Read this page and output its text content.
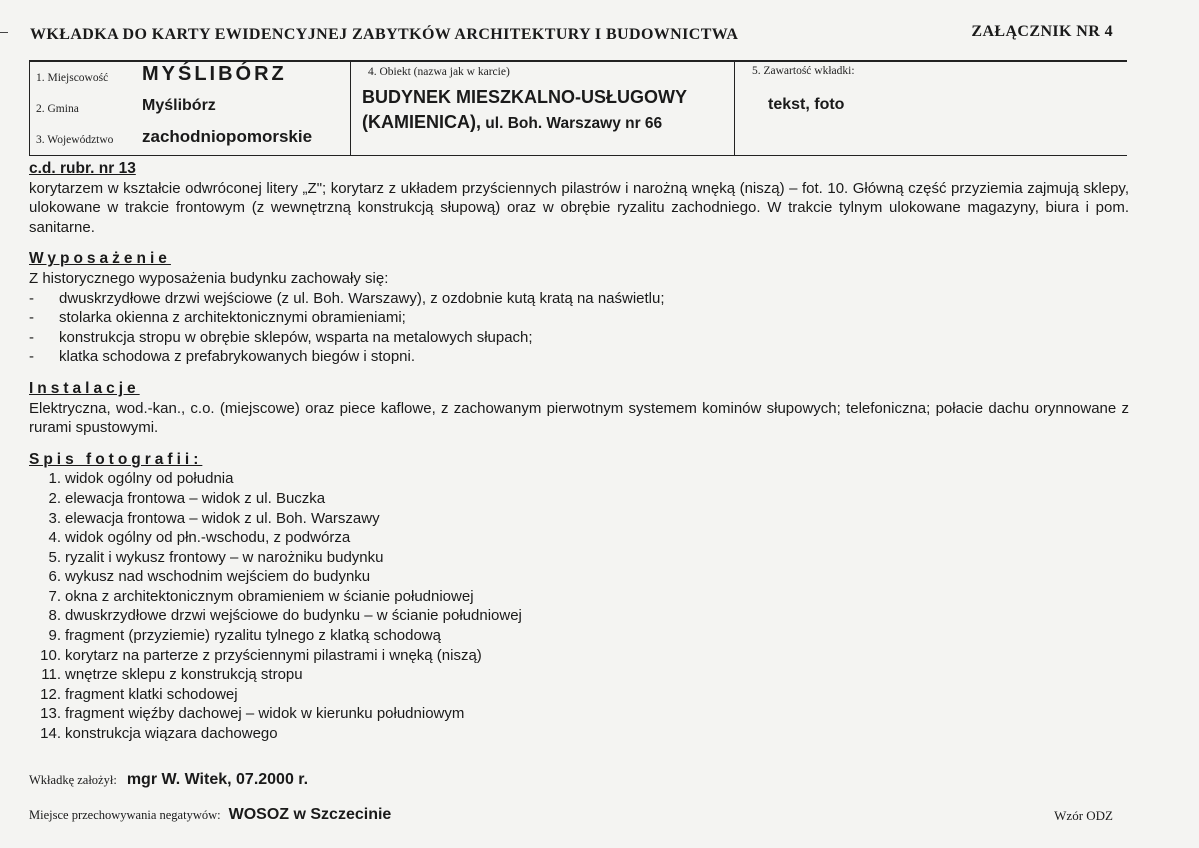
WKŁADKA DO KARTY EWIDENCYJNEJ ZABYTKÓW ARCHITEKTURY I BUDOWNICTWA	ZAŁĄCZNIK NR 4
1. Miejscowość MYŚLIBÓRZ
2. Gmina	Myślibórz
3. Województwo zachodniopomorskie
4. Obiekt (nazwa jak w karcie)
BUDYNEK MIESZKALNO-USŁUGOWY
(KAMIENICA), ul. Boh. Warszawy nr 66
5. Zawartość wkładki:
tekst, foto
c.d. rubr. nr 13

korytarzem w kształcie odwróconej litery „Z"; korytarz z układem przyściennych pilastrów i narożną wnęką (niszą) – fot. 10. Główną część przyziemia zajmują sklepy, ulokowane w trakcie frontowym (z wewnętrzną konstrukcją słupową) oraz w obrębie ryzalitu zachodniego. W trakcie tylnym ulokowane magazyny, biura i pom. sanitarne.

Wyposażenie

Z historycznego wyposażenia budynku zachowały się:

- dwuskrzydłowe drzwi wejściowe (z ul. Boh. Warszawy), z ozdobnie kutą kratą na naświetlu;
- stolarka okienna z architektonicznymi obramieniami;
- konstrukcja stropu w obrębie sklepów, wsparta na metalowych słupach;
- klatka schodowa z prefabrykowanych biegów i stopni.
Instalacje

Elektryczna, wod.-kan., c.o. (miejscowe) oraz piece kaflowe, z zachowanym pierwotnym systemem kominów słupowych; telefoniczna; połacie dachu orynnowane z rurami spustowymi.

Spis fotografii:
1. widok ogólny od południa
2. elewacja frontowa – widok z ul. Buczka
3. elewacja frontowa – widok z ul. Boh. Warszawy
4. widok ogólny od płn.-wschodu, z podwórza
5. ryzalit i wykusz frontowy – w narożniku budynku
6. wykusz nad wschodnim wejściem do budynku
7. okna z architektonicznym obramieniem w ścianie południowej
8. dwuskrzydłowe drzwi wejściowe do budynku – w ścianie południowej
9. fragment (przyziemie) ryzalitu tylnego z klatką schodową
10. korytarz na parterze z przyściennymi pilastrami i wnęką (niszą)
11. wnętrze sklepu z konstrukcją stropu
12. fragment klatki schodowej
13. fragment więźby dachowej – widok w kierunku południowym
14. konstrukcja wiązara dachowego
Wkładkę założył: mgr W. Witek, 07.2000 r.
Miejsce przechowywania negatywów: WOSOZ w Szczecinie	Wzór ODZ
